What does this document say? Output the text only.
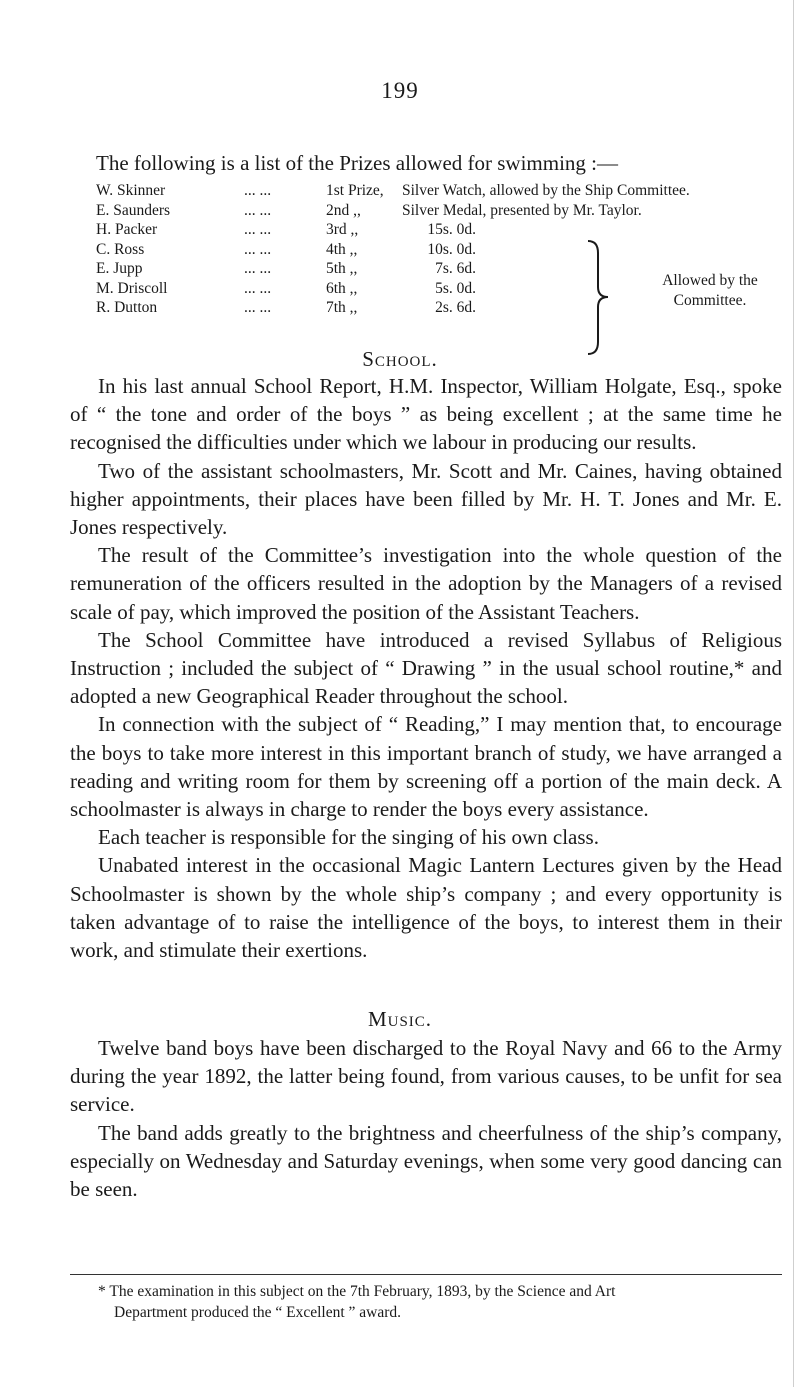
199
The following is a list of the Prizes allowed for swimming :—
W. Skinner	... ...	1st Prize, Silver Watch, allowed by the Ship Committee.
E. Saunders	... ...	2nd ,,	Silver Medal, presented by Mr. Taylor.
H. Packer	... ...	3rd ,,	15s. 0d.
C. Ross	... ...	4th ,,	10s. 0d.
E. Jupp	... ...	5th ,,	7s. 6d.
M. Driscoll	... ...	6th ,,	5s. 0d.
R. Dutton	... ...	7th ,,	2s. 6d.
Allowed by the
Committee.
School.

In his last annual School Report, H.M. Inspector, William Holgate, Esq., spoke of “ the tone and order of the boys ” as being excellent ; at the same time he recognised the difficulties under which we labour in producing our results.

Two of the assistant schoolmasters, Mr. Scott and Mr. Caines, having obtained higher appointments, their places have been filled by Mr. H. T. Jones and Mr. E. Jones respectively.

The result of the Committee’s investigation into the whole question of the remuneration of the officers resulted in the adoption by the Managers of a revised scale of pay, which improved the position of the Assistant Teachers.

The School Committee have introduced a revised Syllabus of Religious Instruction ; included the subject of “ Drawing ” in the usual school routine,* and adopted a new Geographical Reader throughout the school.

In connection with the subject of “ Reading,” I may mention that, to encourage the boys to take more interest in this important branch of study, we have arranged a reading and writing room for them by screening off a portion of the main deck. A schoolmaster is always in charge to render the boys every assistance.

Each teacher is responsible for the singing of his own class.

Unabated interest in the occasional Magic Lantern Lectures given by the Head Schoolmaster is shown by the whole ship’s company ; and every opportunity is taken advantage of to raise the intelligence of the boys, to interest them in their work, and stimulate their exertions.

Music.

Twelve band boys have been discharged to the Royal Navy and 66 to the Army during the year 1892, the latter being found, from various causes, to be unfit for sea service.

The band adds greatly to the brightness and cheerfulness of the ship’s company, especially on Wednesday and Saturday evenings, when some very good dancing can be seen.

* The examination in this subject on the 7th February, 1893, by the Science and Art

Department produced the “ Excellent ” award.
